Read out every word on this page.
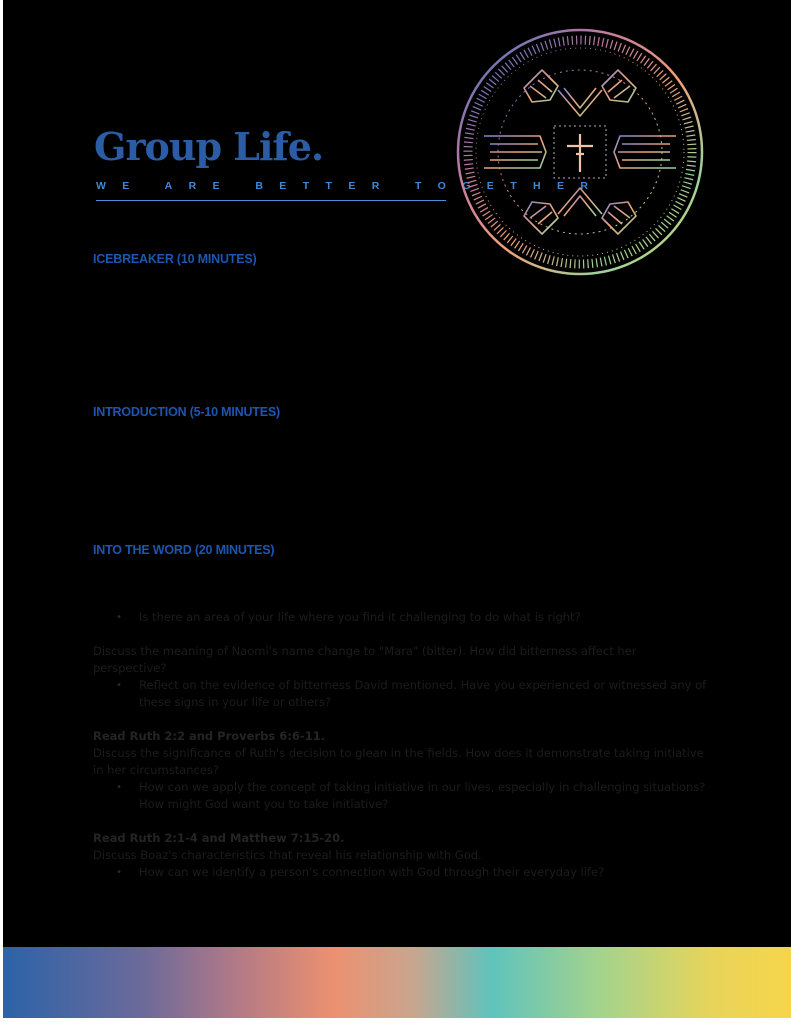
Group Life.
WE ARE BETTER TOGETHER
ICEBREAKER (10 MINUTES)
INTRODUCTION (5-10 MINUTES)
INTO THE WORD (20 MINUTES)
• Is there an area of your life where you find it challenging to do what is right?

Discuss the meaning of Naomi's name change to "Mara" (bitter). How did bitterness affect her perspective?

• Reflect on the evidence of bitterness David mentioned. Have you experienced or witnessed any of these signs in your life or others?

Read Ruth 2:2 and Proverbs 6:6-11.

Discuss the significance of Ruth's decision to glean in the fields. How does it demonstrate taking initiative in her circumstances?

• How can we apply the concept of taking initiative in our lives, especially in challenging situations? How might God want you to take initiative?

Read Ruth 2:1-4 and Matthew 7:15-20.

Discuss Boaz's characteristics that reveal his relationship with God.

• How can we identify a person's connection with God through their everyday life?
